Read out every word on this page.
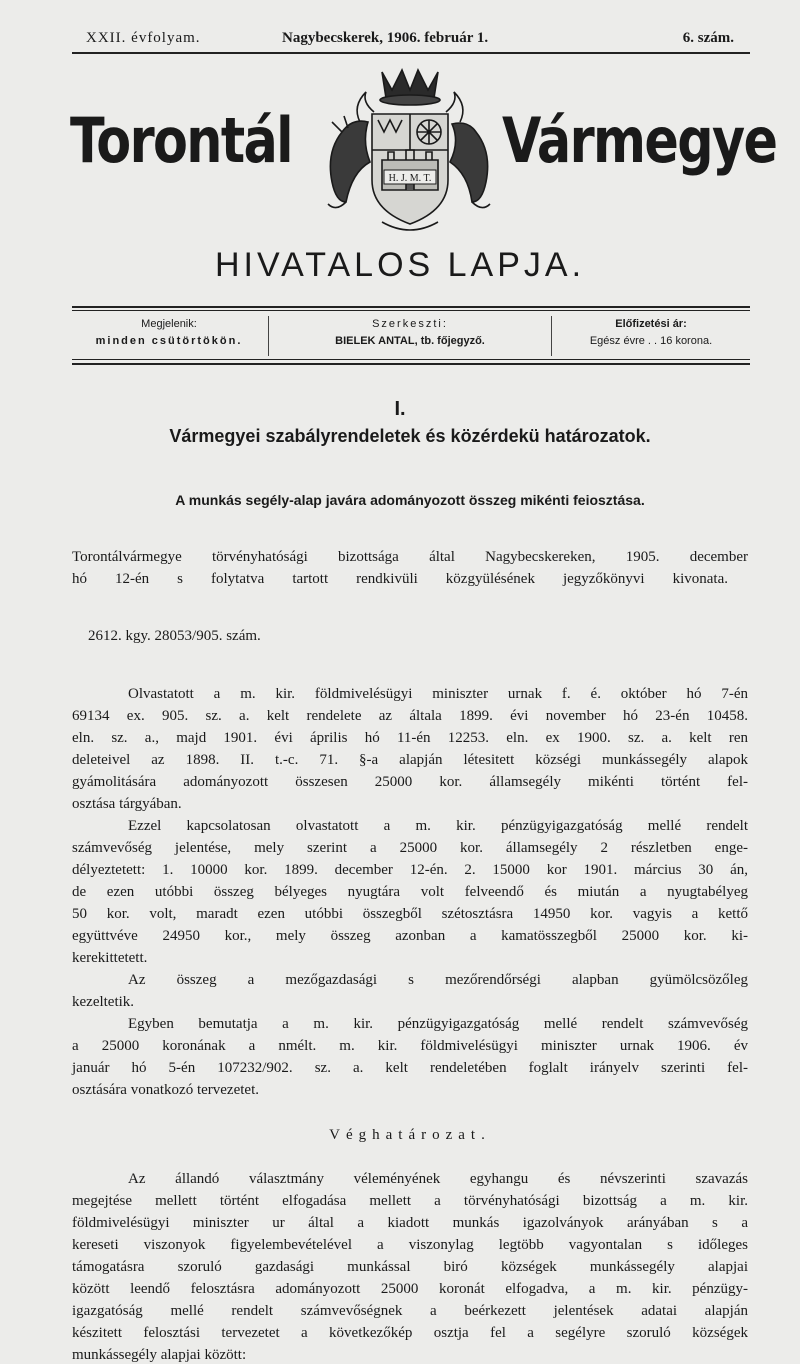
XXII. évfolyam.	Nagybecskerek, 1906. február 1.	6. szám.
Torontál	Vármegye
H. J. M. T.
HIVATALOS LAPJA.
Megjelenik:
minden csütörtökön.
Szerkeszti:
BIELEK ANTAL, tb. főjegyző.
Előfizetési ár:
Egész évre . . 16 korona.
I.
Vármegyei szabályrendeletek és közérdekü határozatok.
A munkás segély-alap javára adományozott összeg mikénti feiosztása.
Torontálvármegye törvényhatósági bizottsága által Nagybecskereken, 1905. december
hó 12-én s folytatva tartott rendkivüli közgyülésének jegyzőkönyvi kivonata.
2612. kgy. 28053/905. szám.
Olvastatott a m. kir. földmivelésügyi miniszter urnak f. é. október hó 7-én
69134 ex. 905. sz. a. kelt rendelete az általa 1899. évi november hó 23-én 10458.
eln. sz. a., majd 1901. évi április hó 11-én 12253. eln. ex 1900. sz. a. kelt ren
deleteivel az 1898. II. t.-c. 71. §-a alapján létesitett községi munkássegély alapok
gyámolitására adományozott összesen 25000 kor. államsegély mikénti történt fel-
osztása tárgyában.
Ezzel kapcsolatosan olvastatott a m. kir. pénzügyigazgatóság mellé rendelt
számvevőség jelentése, mely szerint a 25000 kor. államsegély 2 részletben enge-
délyeztetett: 1. 10000 kor. 1899. december 12-én. 2. 15000 kor 1901. március 30 án,
de ezen utóbbi összeg bélyeges nyugtára volt felveendő és miután a nyugtabélyeg
50 kor. volt, maradt ezen utóbbi összegből szétosztásra 14950 kor. vagyis a kettő
együttvéve 24950 kor., mely összeg azonban a kamatösszegből 25000 kor. ki-
kerekittetett.
Az összeg a mezőgazdasági s mezőrendőrségi alapban gyümölcsözőleg
kezeltetik.
Egyben bemutatja a m. kir. pénzügyigazgatóság mellé rendelt számvevőség
a 25000 koronának a nmélt. m. kir. földmivelésügyi miniszter urnak 1906. év
január hó 5-én 107232/902. sz. a. kelt rendeletében foglalt irányelv szerinti fel-
osztására vonatkozó tervezetet.
Véghatározat.
Az állandó választmány véleményének egyhangu és névszerinti szavazás
megejtése mellett történt elfogadása mellett a törvényhatósági bizottság a m. kir.
földmivelésügyi miniszter ur által a kiadott munkás igazolványok arányában s a
kereseti viszonyok figyelembevételével a viszonylag legtöbb vagyontalan s időleges
támogatásra szoruló gazdasági munkással biró községek munkássegély alapjai
között leendő felosztásra adományozott 25000 koronát elfogadva, a m. kir. pénzügy-
igazgatóság mellé rendelt számvevőségnek a beérkezett jelentések adatai alapján
készitett felosztási tervezetet a következőkép osztja fel a segélyre szoruló községek
munkássegély alapjai között:
